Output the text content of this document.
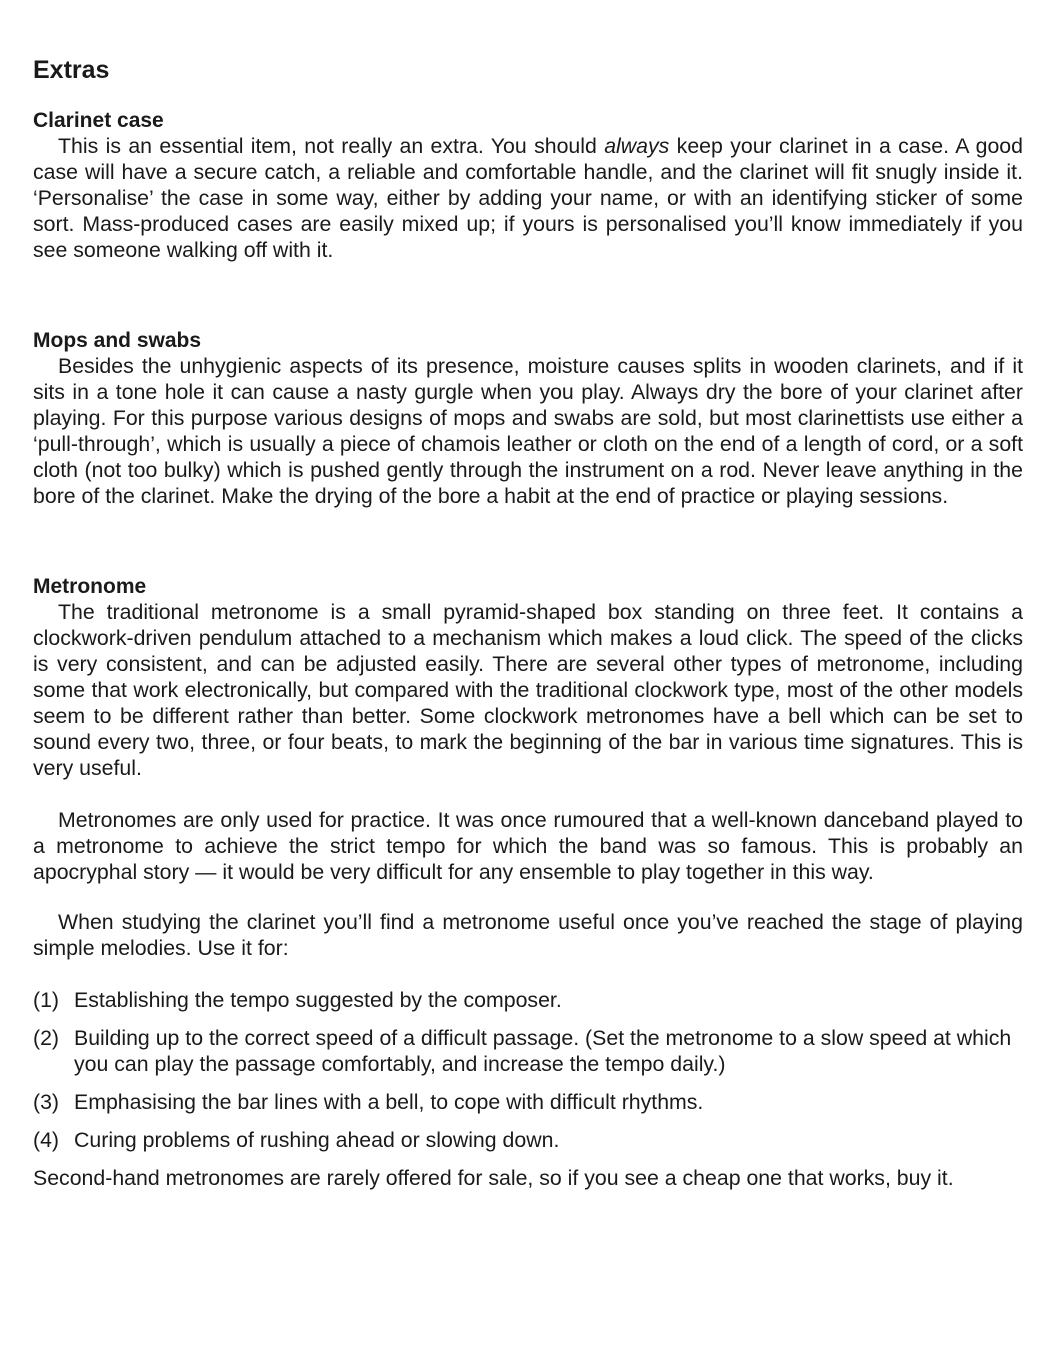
Extras
Clarinet case

This is an essential item, not really an extra. You should always keep your clarinet in a case. A good case will have a secure catch, a reliable and comfortable handle, and the clarinet will fit snugly inside it. ‘Personalise’ the case in some way, either by adding your name, or with an identifying sticker of some sort. Mass-produced cases are easily mixed up; if yours is personalised you’ll know immediately if you see someone walking off with it.

Mops and swabs

Besides the unhygienic aspects of its presence, moisture causes splits in wooden clarinets, and if it sits in a tone hole it can cause a nasty gurgle when you play. Always dry the bore of your clarinet after playing. For this purpose various designs of mops and swabs are sold, but most clarinettists use either a ‘pull-through’, which is usually a piece of chamois leather or cloth on the end of a length of cord, or a soft cloth (not too bulky) which is pushed gently through the instrument on a rod. Never leave anything in the bore of the clarinet. Make the drying of the bore a habit at the end of practice or playing sessions.

Metronome

The traditional metronome is a small pyramid-shaped box standing on three feet. It contains a clockwork-driven pendulum attached to a mechanism which makes a loud click. The speed of the clicks is very consistent, and can be adjusted easily. There are several other types of metronome, including some that work electronically, but compared with the traditional clockwork type, most of the other models seem to be different rather than better. Some clockwork metronomes have a bell which can be set to sound every two, three, or four beats, to mark the beginning of the bar in various time signatures. This is very useful.

Metronomes are only used for practice. It was once rumoured that a well-known danceband played to a metronome to achieve the strict tempo for which the band was so famous. This is probably an apocryphal story — it would be very difficult for any ensemble to play together in this way.

When studying the clarinet you’ll find a metronome useful once you’ve reached the stage of playing simple melodies. Use it for:

(1) Establishing the tempo suggested by the composer.
(2) Building up to the correct speed of a difficult passage. (Set the metronome to a slow speed at which you can play the passage comfortably, and increase the tempo daily.)
(3) Emphasising the bar lines with a bell, to cope with difficult rhythms.
(4) Curing problems of rushing ahead or slowing down.

Second-hand metronomes are rarely offered for sale, so if you see a cheap one that works, buy it.
